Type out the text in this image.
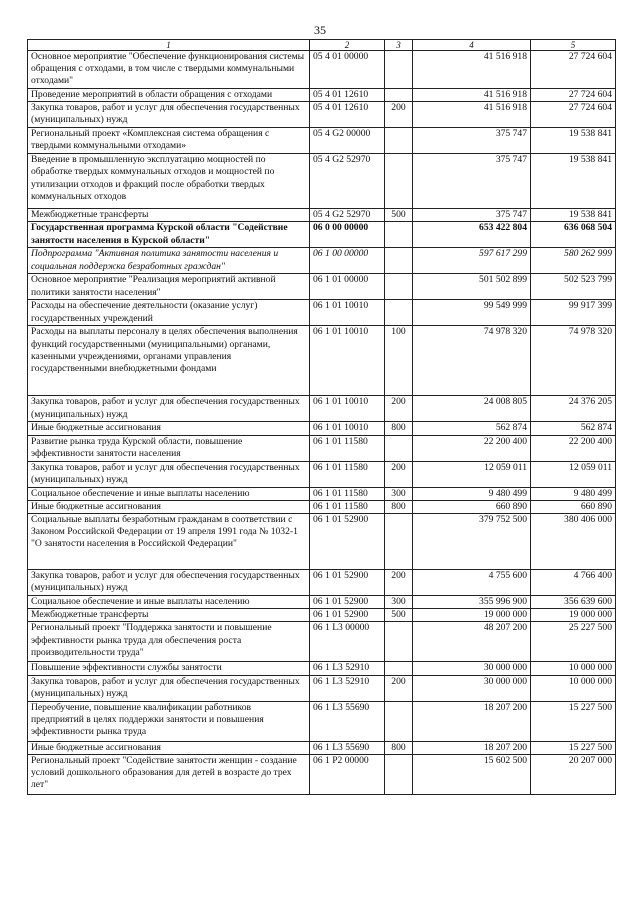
35
1	2	3	4	5
Основное мероприятие "Обеспечение функционирования системы обращения с отходами, в том числе с твердыми коммунальными отходами"	05 4 01 00000		41 516 918	27 724 604
Проведение мероприятий в области обращения с отходами	05 4 01 12610		41 516 918	27 724 604
Закупка товаров, работ и услуг для обеспечения государственных (муниципальных) нужд	05 4 01 12610	200	41 516 918	27 724 604
Региональный проект «Комплексная система обращения с твердыми коммунальными отходами»	05 4 G2 00000		375 747	19 538 841
Введение в промышленную эксплуатацию мощностей по обработке твердых коммунальных отходов и мощностей по утилизации отходов и фракций после обработки твердых коммунальных отходов	05 4 G2 52970		375 747	19 538 841
Межбюджетные трансферты	05 4 G2 52970	500	375 747	19 538 841
Государственная программа Курской области "Содействие занятости населения в Курской области"	06 0 00 00000		653 422 804	636 068 504
Подпрограмма "Активная политика занятости населения и социальная поддержка безработных граждан"	06 1 00 00000		597 617 299	580 262 999
Основное мероприятие "Реализация мероприятий активной политики занятости населения"	06 1 01 00000		501 502 899	502 523 799
Расходы на обеспечение деятельности (оказание услуг) государственных учреждений	06 1 01 10010		99 549 999	99 917 399
Расходы на выплаты персоналу в целях обеспечения выполнения функций государственными (муниципальными) органами, казенными учреждениями, органами управления государственными внебюджетными фондами	06 1 01 10010	100	74 978 320	74 978 320
Закупка товаров, работ и услуг для обеспечения государственных (муниципальных) нужд	06 1 01 10010	200	24 008 805	24 376 205
Иные бюджетные ассигнования	06 1 01 10010	800	562 874	562 874
Развитие рынка труда Курской области, повышение эффективности занятости населения	06 1 01 11580		22 200 400	22 200 400
Закупка товаров, работ и услуг для обеспечения государственных (муниципальных) нужд	06 1 01 11580	200	12 059 011	12 059 011
Социальное обеспечение и иные выплаты населению	06 1 01 11580	300	9 480 499	9 480 499
Иные бюджетные ассигнования	06 1 01 11580	800	660 890	660 890
Социальные выплаты безработным гражданам в соответствии с Законом Российской Федерации от 19 апреля 1991 года № 1032-1 "О занятости населения в Российской Федерации"	06 1 01 52900		379 752 500	380 406 000
Закупка товаров, работ и услуг для обеспечения государственных (муниципальных) нужд	06 1 01 52900	200	4 755 600	4 766 400
Социальное обеспечение и иные выплаты населению	06 1 01 52900	300	355 996 900	356 639 600
Межбюджетные трансферты	06 1 01 52900	500	19 000 000	19 000 000
Региональный проект "Поддержка занятости и повышение эффективности рынка труда для обеспечения роста производительности труда"	06 1 L3 00000		48 207 200	25 227 500
Повышение эффективности службы занятости	06 1 L3 52910		30 000 000	10 000 000
Закупка товаров, работ и услуг для обеспечения государственных (муниципальных) нужд	06 1 L3 52910	200	30 000 000	10 000 000
Переобучение, повышение квалификации работников предприятий в целях поддержки занятости и повышения эффективности рынка труда	06 1 L3 55690		18 207 200	15 227 500
Иные бюджетные ассигнования	06 1 L3 55690	800	18 207 200	15 227 500
Региональный проект "Содействие занятости женщин - создание условий дошкольного образования для детей в возрасте до трех лет"	06 1 P2 00000		15 602 500	20 207 000
